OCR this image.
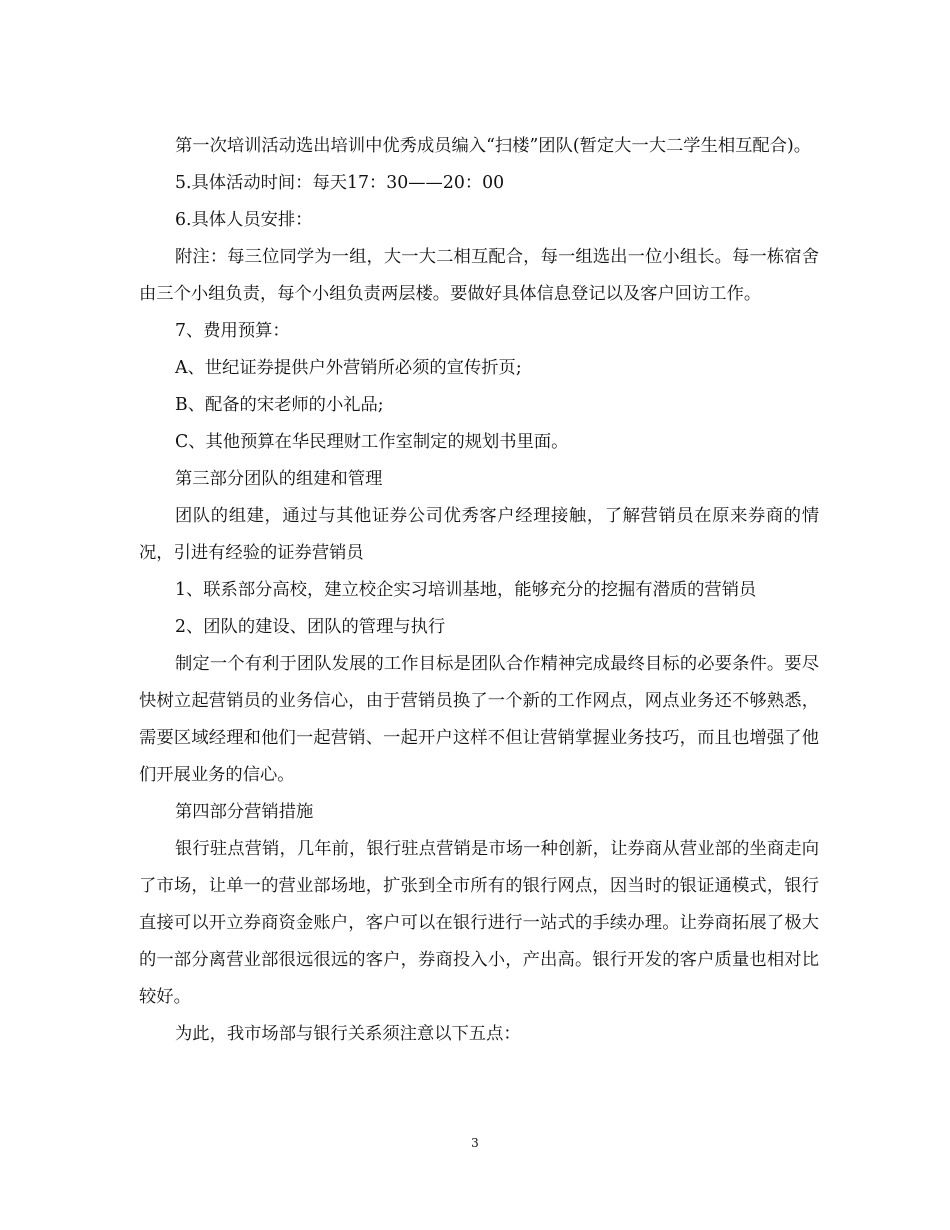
第一次培训活动选出培训中优秀成员编入“扫楼”团队(暂定大一大二学生相互配合)。

5.具体活动时间：每天17：30——20：00

6.具体人员安排：

附注：每三位同学为一组，大一大二相互配合，每一组选出一位小组长。每一栋宿舍由三个小组负责，每个小组负责两层楼。要做好具体信息登记以及客户回访工作。

7、费用预算：

A、世纪证券提供户外营销所必须的宣传折页;

B、配备的宋老师的小礼品;

C、其他预算在华民理财工作室制定的规划书里面。

第三部分团队的组建和管理

团队的组建，通过与其他证券公司优秀客户经理接触，了解营销员在原来券商的情况，引进有经验的证券营销员

1、联系部分高校，建立校企实习培训基地，能够充分的挖掘有潜质的营销员

2、团队的建设、团队的管理与执行

制定一个有利于团队发展的工作目标是团队合作精神完成最终目标的必要条件。要尽快树立起营销员的业务信心，由于营销员换了一个新的工作网点，网点业务还不够熟悉，需要区域经理和他们一起营销、一起开户这样不但让营销掌握业务技巧，而且也增强了他们开展业务的信心。

第四部分营销措施

银行驻点营销，几年前，银行驻点营销是市场一种创新，让券商从营业部的坐商走向了市场，让单一的营业部场地，扩张到全市所有的银行网点，因当时的银证通模式，银行直接可以开立券商资金账户，客户可以在银行进行一站式的手续办理。让券商拓展了极大的一部分离营业部很远很远的客户，券商投入小，产出高。银行开发的客户质量也相对比较好。

为此，我市场部与银行关系须注意以下五点：

3
